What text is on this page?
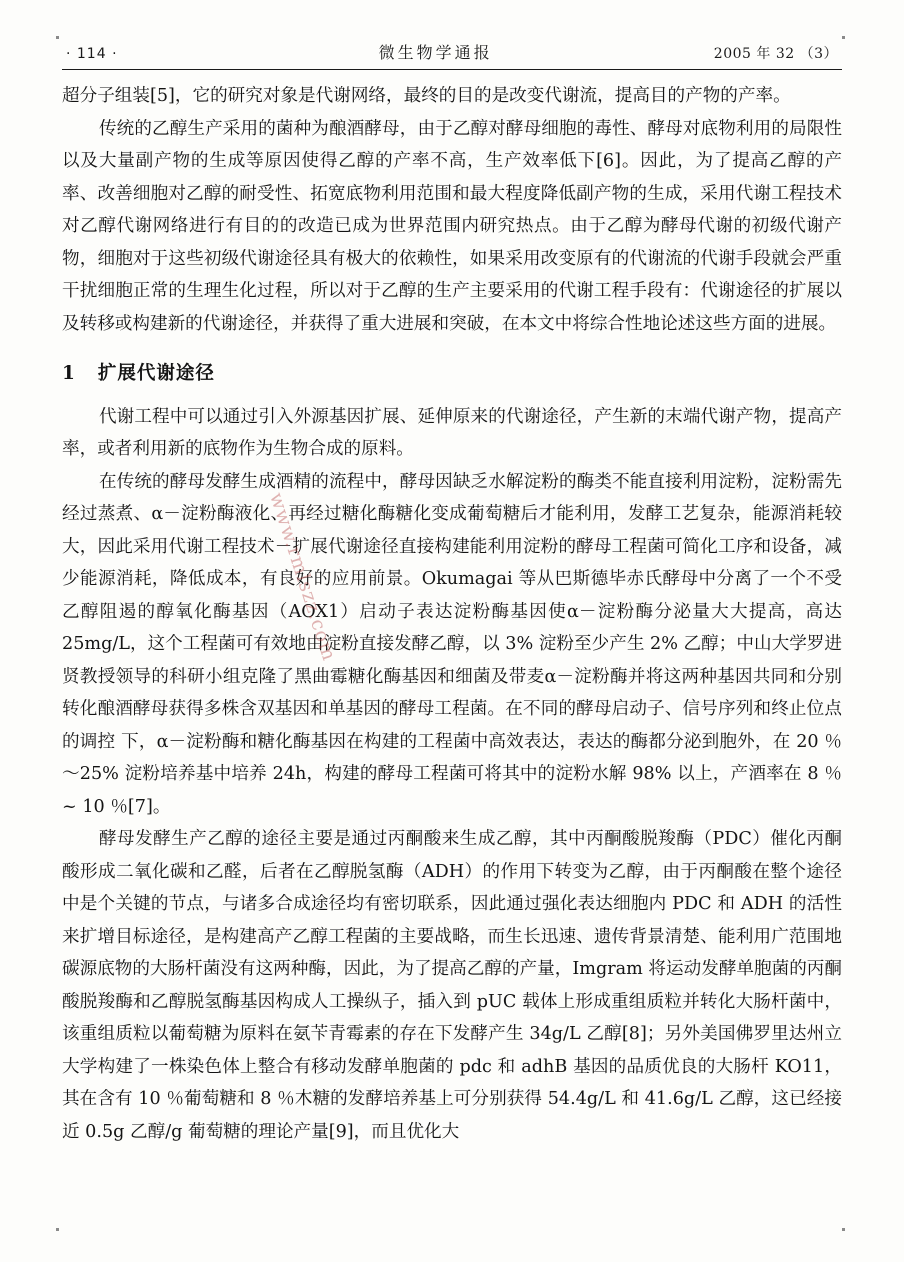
· 114 ·	微生物学通报	2005 年 32 （3）

超分子组装[5]，它的研究对象是代谢网络，最终的目的是改变代谢流，提高目的产物的产率。

传统的乙醇生产采用的菌种为酿酒酵母，由于乙醇对酵母细胞的毒性、酵母对底物利用的局限性以及大量副产物的生成等原因使得乙醇的产率不高，生产效率低下[6]。因此，为了提高乙醇的产率、改善细胞对乙醇的耐受性、拓宽底物利用范围和最大程度降低副产物的生成，采用代谢工程技术对乙醇代谢网络进行有目的的改造已成为世界范围内研究热点。由于乙醇为酵母代谢的初级代谢产物，细胞对于这些初级代谢途径具有极大的依赖性，如果采用改变原有的代谢流的代谢手段就会严重干扰细胞正常的生理生化过程，所以对于乙醇的生产主要采用的代谢工程手段有：代谢途径的扩展以及转移或构建新的代谢途径，并获得了重大进展和突破，在本文中将综合性地论述这些方面的进展。

1 扩展代谢途径

代谢工程中可以通过引入外源基因扩展、延伸原来的代谢途径，产生新的末端代谢产物，提高产率，或者利用新的底物作为生物合成的原料。

在传统的酵母发酵生成酒精的流程中，酵母因缺乏水解淀粉的酶类不能直接利用淀粉，淀粉需先经过蒸煮、α－淀粉酶液化、再经过糖化酶糖化变成葡萄糖后才能利用，发酵工艺复杂，能源消耗较大，因此采用代谢工程技术－扩展代谢途径直接构建能利用淀粉的酵母工程菌可简化工序和设备，减少能源消耗，降低成本，有良好的应用前景。Okumagai 等从巴斯德毕赤氏酵母中分离了一个不受乙醇阻遏的醇氧化酶基因（AOX1）启动子表达淀粉酶基因使α－淀粉酶分泌量大大提高，高达 25mg/L，这个工程菌可有效地由淀粉直接发酵乙醇，以 3% 淀粉至少产生 2% 乙醇；中山大学罗进贤教授领导的科研小组克隆了黑曲霉糖化酶基因和细菌及带麦α－淀粉酶并将这两种基因共同和分别转化酿酒酵母获得多株含双基因和单基因的酵母工程菌。在不同的酵母启动子、信号序列和终止位点的调控 下，α－淀粉酶和糖化酶基因在构建的工程菌中高效表达，表达的酶都分泌到胞外，在 20 ％～25% 淀粉培养基中培养 24h，构建的酵母工程菌可将其中的淀粉水解 98% 以上，产酒率在 8 ％ ~ 10 ％[7]。

酵母发酵生产乙醇的途径主要是通过丙酮酸来生成乙醇，其中丙酮酸脱羧酶（PDC）催化丙酮酸形成二氧化碳和乙醛，后者在乙醇脱氢酶（ADH）的作用下转变为乙醇，由于丙酮酸在整个途径中是个关键的节点，与诸多合成途径均有密切联系，因此通过强化表达细胞内 PDC 和 ADH 的活性来扩增目标途径，是构建高产乙醇工程菌的主要战略，而生长迅速、遗传背景清楚、能利用广范围地碳源底物的大肠杆菌没有这两种酶，因此，为了提高乙醇的产量，Imgram 将运动发酵单胞菌的丙酮酸脱羧酶和乙醇脱氢酶基因构成人工操纵子，插入到 pUC 载体上形成重组质粒并转化大肠杆菌中，该重组质粒以葡萄糖为原料在氨苄青霉素的存在下发酵产生 34g/L 乙醇[8]；另外美国佛罗里达州立大学构建了一株染色体上整合有移动发酵单胞菌的 pdc 和 adhB 基因的品质优良的大肠杆 KO11，其在含有 10 ％葡萄糖和 8 ％木糖的发酵培养基上可分别获得 54.4g/L 和 41.6g/L 乙醇，这已经接近 0.5g 乙醇/g 葡萄糖的理论产量[9]，而且优化大

www.rmlszz.com
